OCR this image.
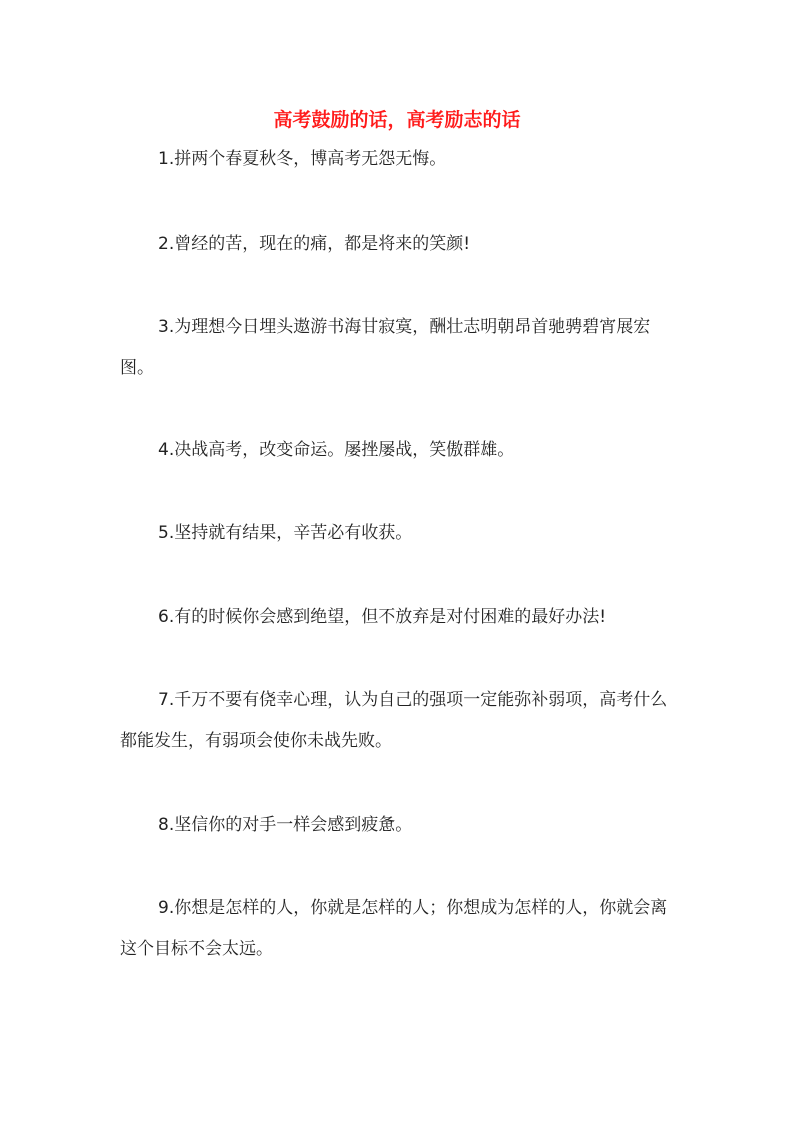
高考鼓励的话，高考励志的话

1.拼两个春夏秋冬，博高考无怨无悔。

2.曾经的苦，现在的痛，都是将来的笑颜!

3.为理想今日埋头遨游书海甘寂寞，酬壮志明朝昂首驰骋碧宵展宏图。

4.决战高考，改变命运。屡挫屡战，笑傲群雄。

5.坚持就有结果，辛苦必有收获。

6.有的时候你会感到绝望，但不放弃是对付困难的最好办法!

7.千万不要有侥幸心理，认为自己的强项一定能弥补弱项，高考什么都能发生，有弱项会使你未战先败。

8.坚信你的对手一样会感到疲惫。

9.你想是怎样的人，你就是怎样的人；你想成为怎样的人，你就会离这个目标不会太远。
